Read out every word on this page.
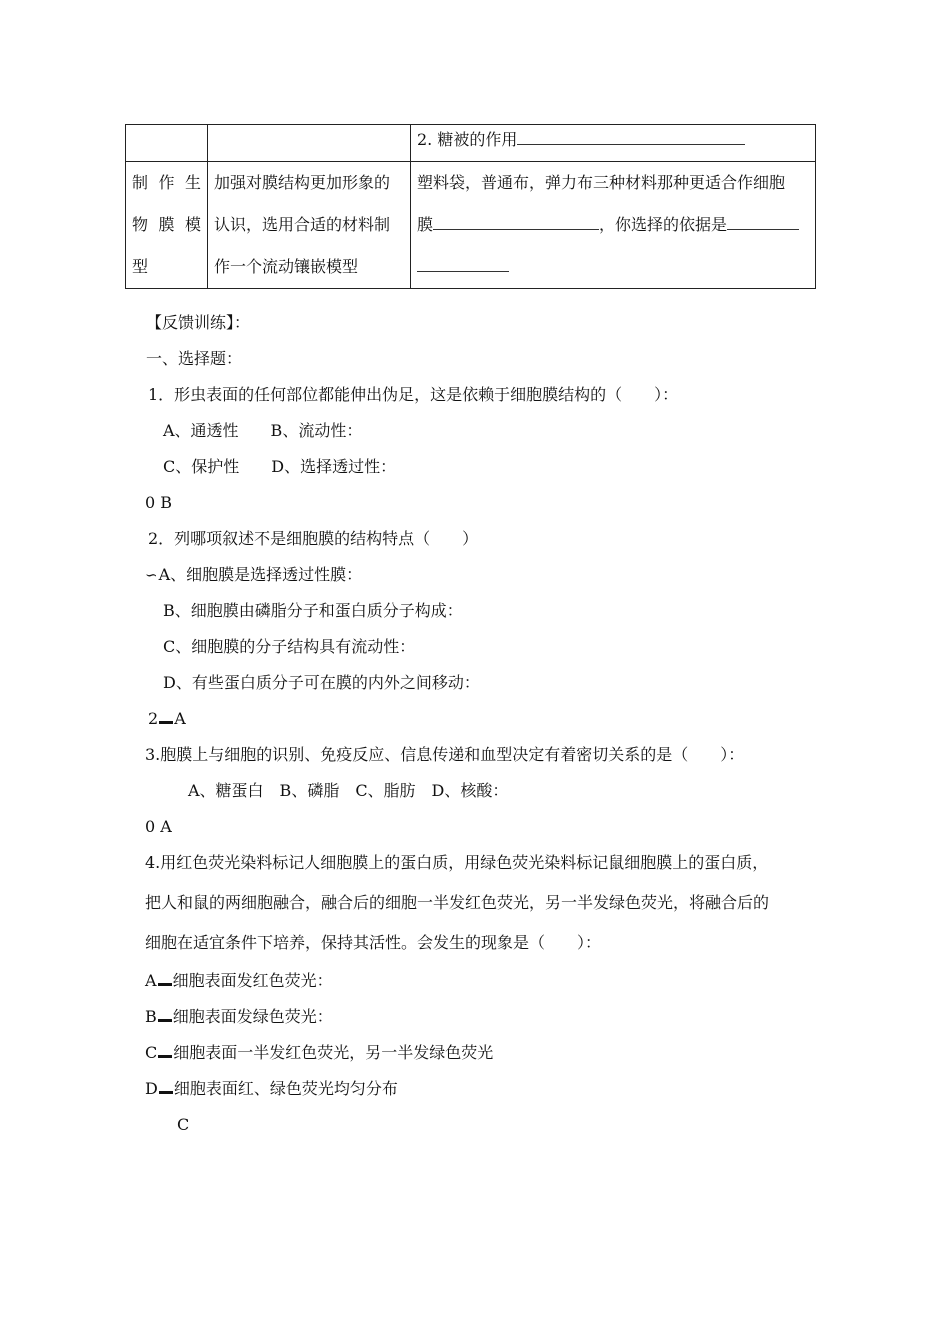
		2. 糖被的作用

制作生
物膜模
型	加强对膜结构更加形象的
认识，选用合适的材料制
作一个流动镶嵌模型	塑料袋，普通布，弹力布三种材料那种更适合作细胞
膜 ，你选择的依据是
【反馈训练】：
一、选择题：
1．形虫表面的任何部位都能伸出伪足，这是依赖于细胞膜结构的（　　）：
A、通透性　　B、流动性：
C、保护性　　D、选择透过性：
0 B
2．列哪项叙述不是细胞膜的结构特点（　　）
∽A、细胞膜是选择透过性膜：
B、细胞膜由磷脂分子和蛋白质分子构成：
C、细胞膜的分子结构具有流动性：
D、有些蛋白质分子可在膜的内外之间移动：
2 A
3.胞膜上与细胞的识别、免疫反应、信息传递和血型决定有着密切关系的是（　　）：
A、糖蛋白　B、磷脂　C、脂肪　D、核酸：
0 A
4.用红色荧光染料标记人细胞膜上的蛋白质，用绿色荧光染料标记鼠细胞膜上的蛋白质，
把人和鼠的两细胞融合，融合后的细胞一半发红色荧光，另一半发绿色荧光，将融合后的
细胞在适宜条件下培养，保持其活性。会发生的现象是（　　）：
A 细胞表面发红色荧光：
B 细胞表面发绿色荧光：
C 细胞表面一半发红色荧光，另一半发绿色荧光
D 细胞表面红、绿色荧光均匀分布
C
